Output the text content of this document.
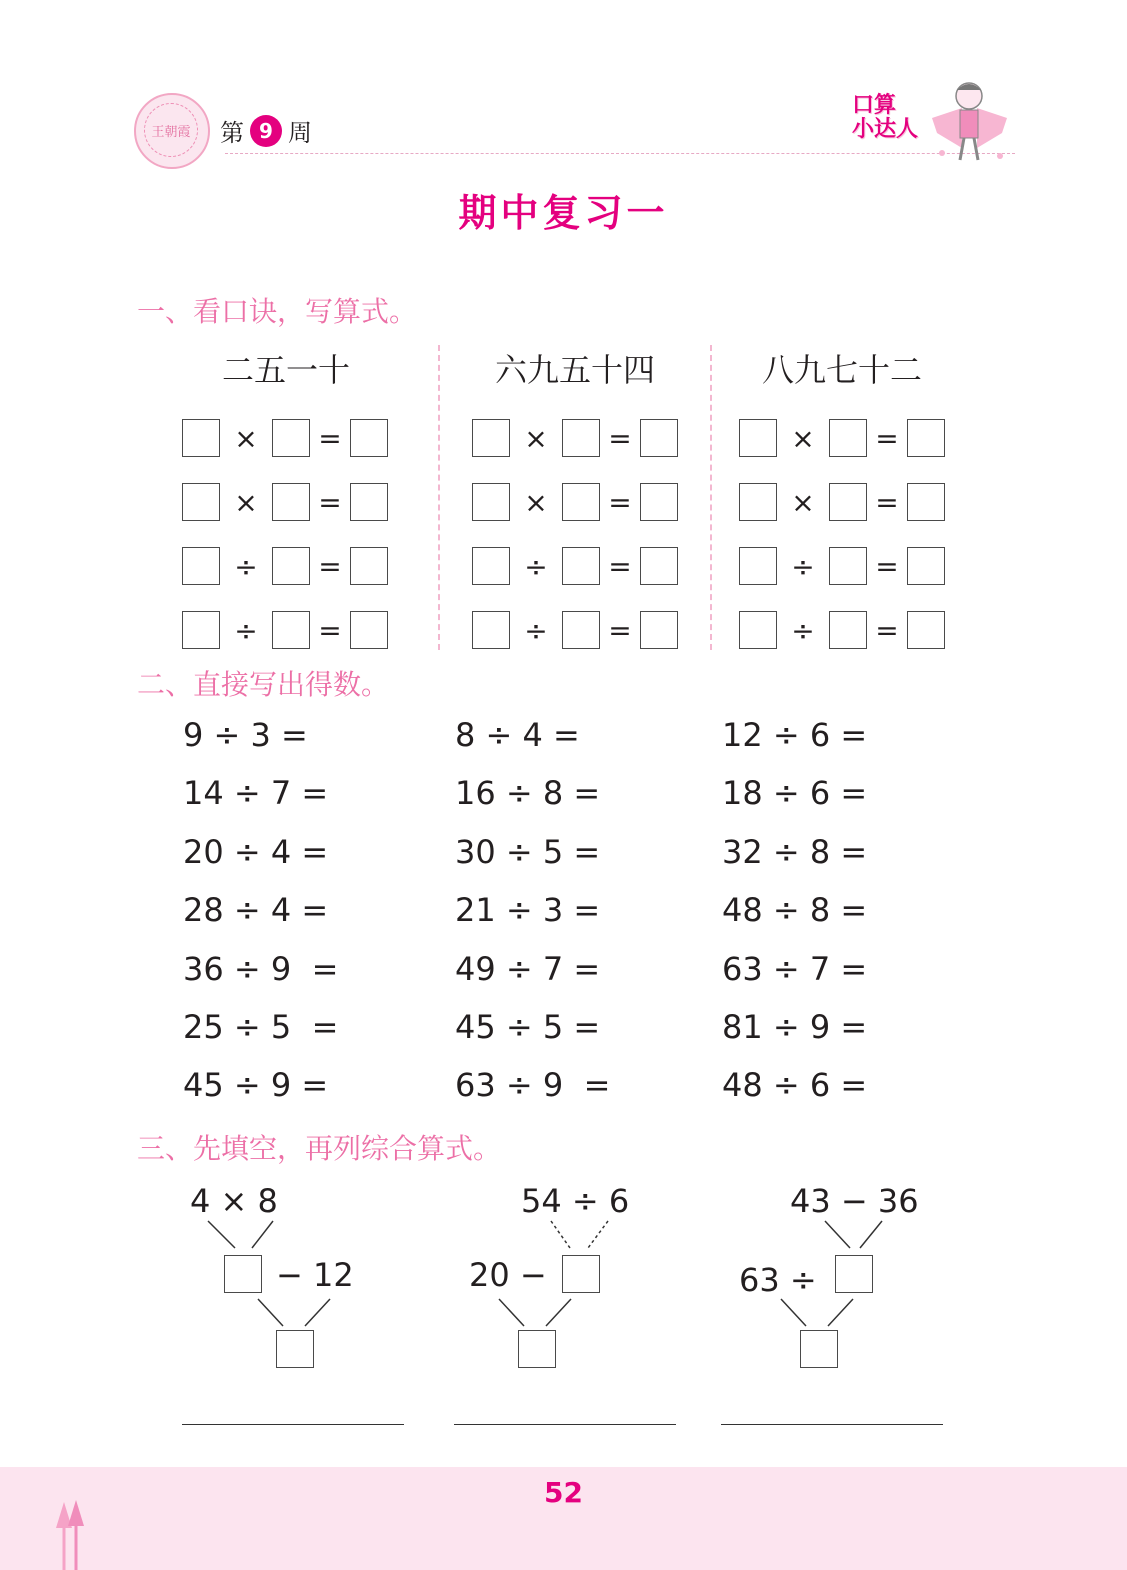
王朝霞	第 9 周
口算
小达人
期中复习一
一、看口诀，写算式。
二五一十
×	=
×	=
÷	=
÷	=
六九五十四
×	=
×	=
÷	=
÷	=
八九七十二
×	=
×	=
÷	=
÷	=
二、直接写出得数。
9 ÷ 3 =
14 ÷ 7 =
20 ÷ 4 =
28 ÷ 4 =
36 ÷ 9  =
25 ÷ 5  =
45 ÷ 9 =
8 ÷ 4 =
16 ÷ 8 =
30 ÷ 5 =
21 ÷ 3 =
49 ÷ 7 =
45 ÷ 5 =
63 ÷ 9  =
12 ÷ 6 =
18 ÷ 6 =
32 ÷ 8 =
48 ÷ 8 =
63 ÷ 7 =
81 ÷ 9 =
48 ÷ 6 =
三、先填空，再列综合算式。
4 × 8
− 12
54 ÷ 6
20 −
43 − 36
63 ÷
52
